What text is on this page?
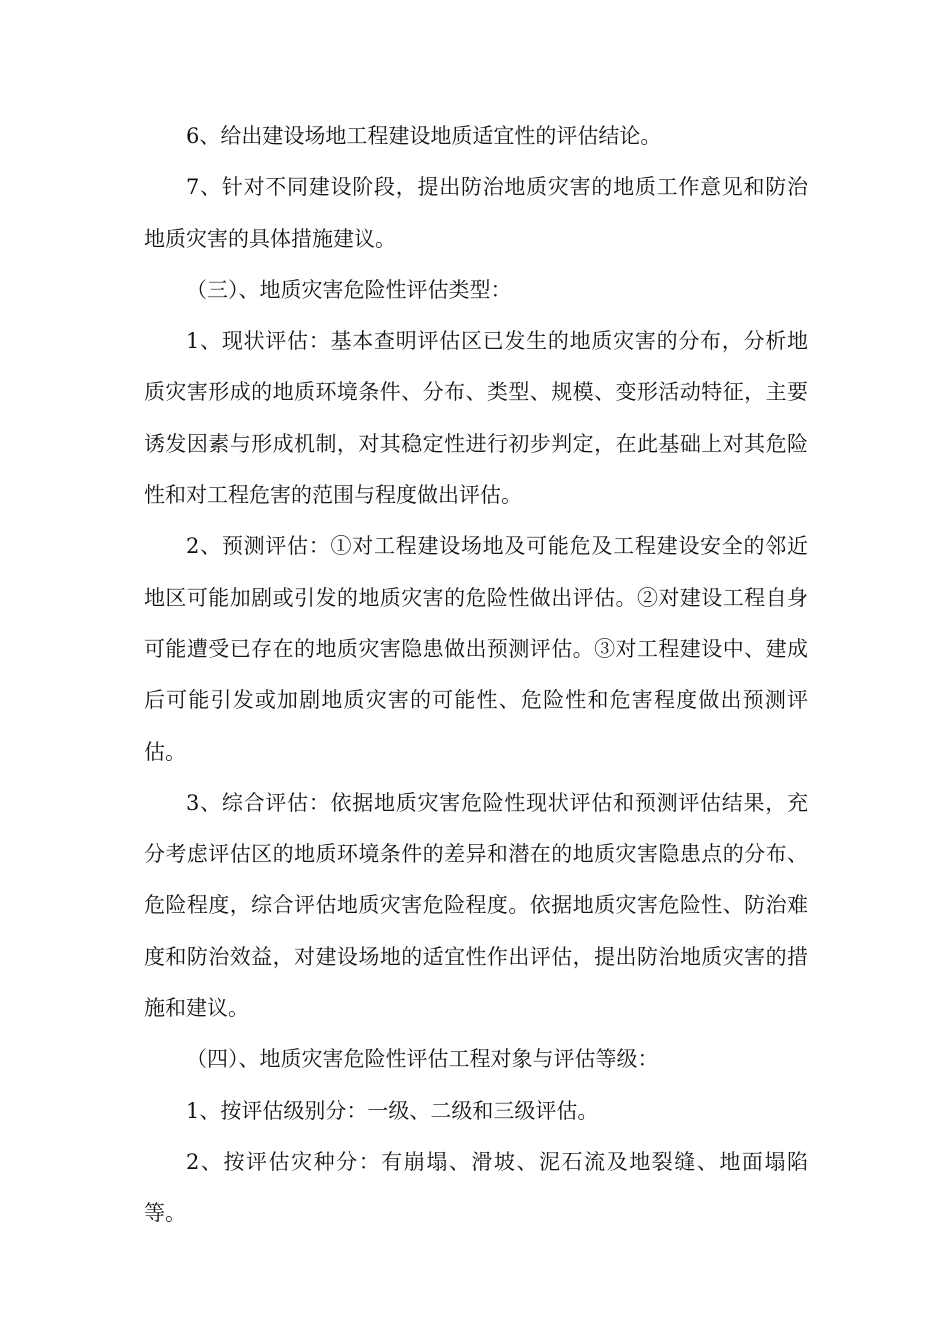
6、给出建设场地工程建设地质适宜性的评估结论。

7、针对不同建设阶段，提出防治地质灾害的地质工作意见和防治地质灾害的具体措施建议。

（三）、地质灾害危险性评估类型：

1、现状评估：基本查明评估区已发生的地质灾害的分布，分析地质灾害形成的地质环境条件、分布、类型、规模、变形活动特征，主要诱发因素与形成机制，对其稳定性进行初步判定，在此基础上对其危险性和对工程危害的范围与程度做出评估。

2、预测评估：①对工程建设场地及可能危及工程建设安全的邻近地区可能加剧或引发的地质灾害的危险性做出评估。②对建设工程自身可能遭受已存在的地质灾害隐患做出预测评估。③对工程建设中、建成后可能引发或加剧地质灾害的可能性、危险性和危害程度做出预测评估。

3、综合评估：依据地质灾害危险性现状评估和预测评估结果，充分考虑评估区的地质环境条件的差异和潜在的地质灾害隐患点的分布、危险程度，综合评估地质灾害危险程度。依据地质灾害危险性、防治难度和防治效益，对建设场地的适宜性作出评估，提出防治地质灾害的措施和建议。

（四）、地质灾害危险性评估工程对象与评估等级：

1、按评估级别分：一级、二级和三级评估。

2、按评估灾种分：有崩塌、滑坡、泥石流及地裂缝、地面塌陷等。
